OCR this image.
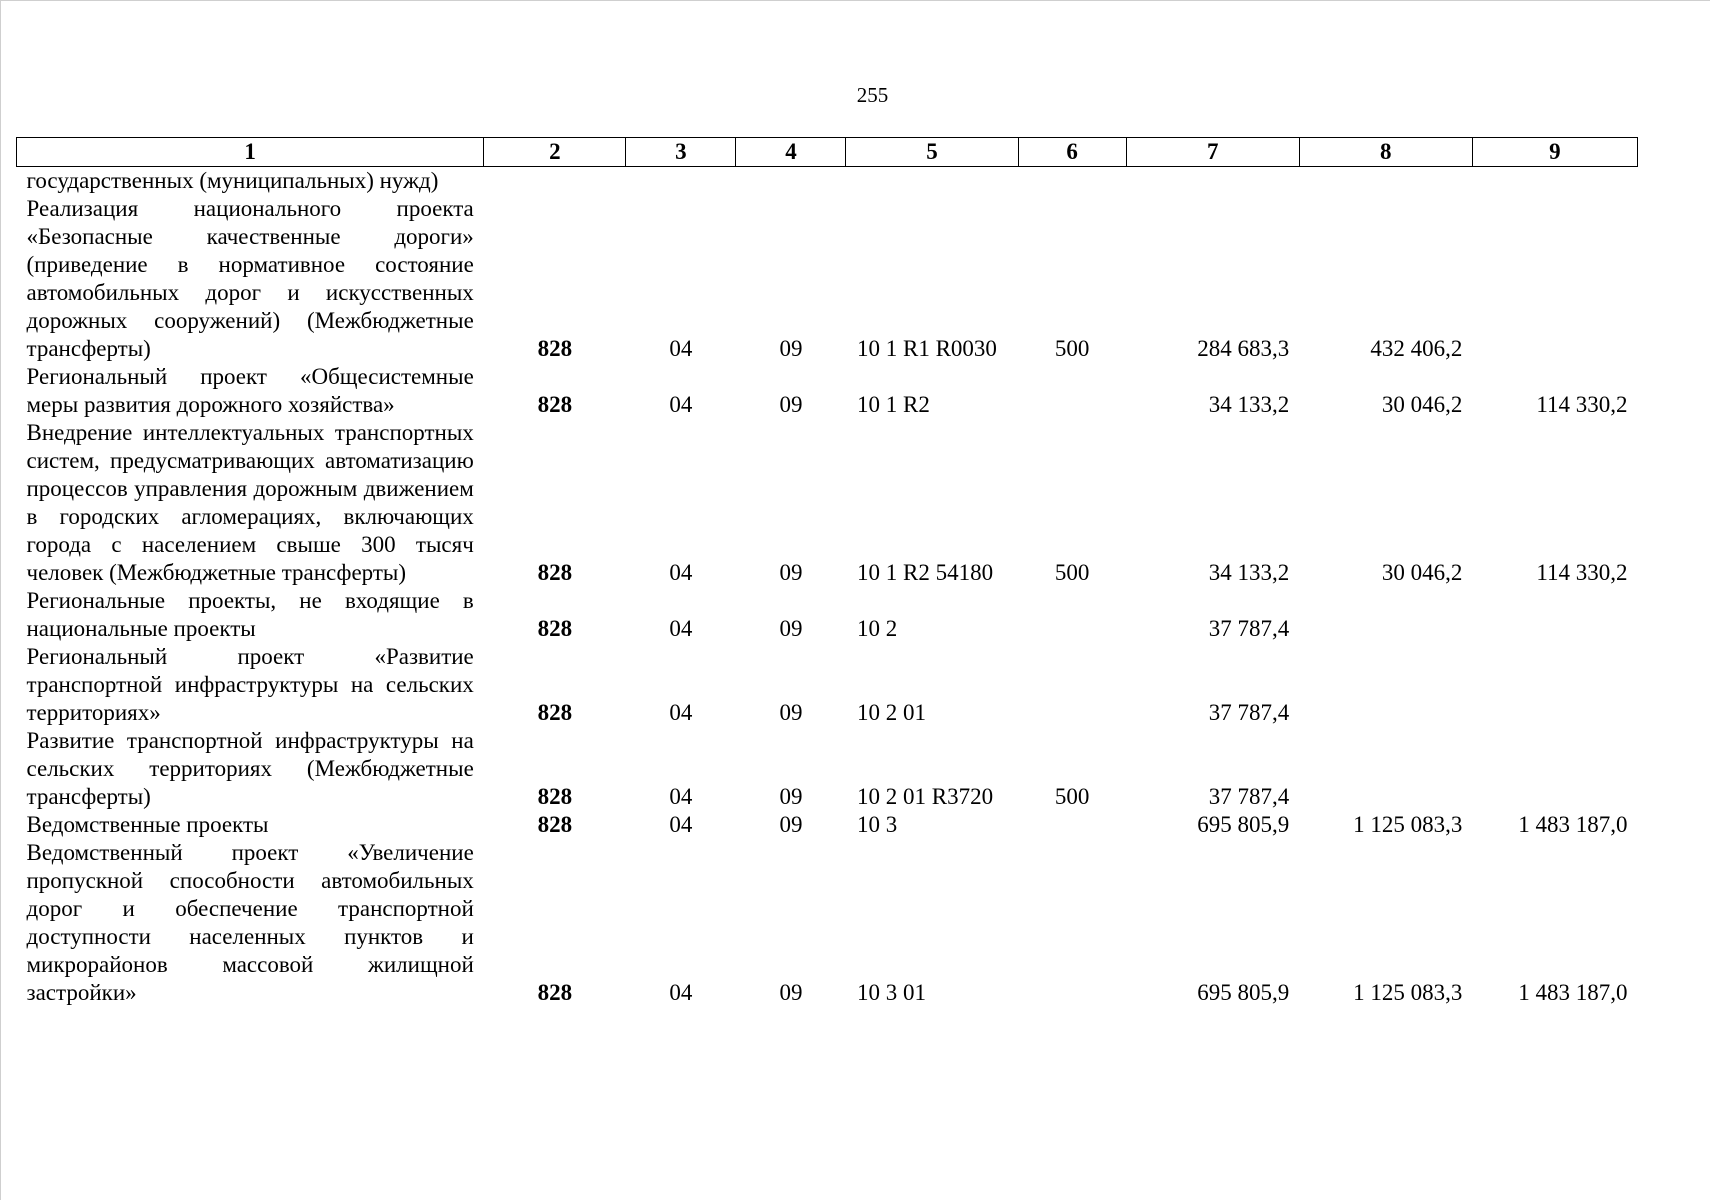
255
1	2	3	4	5	6	7	8	9
государственных (муниципальных) нужд)								
Реализация национального проекта «Безопасные качественные дороги» (приведение в нормативное состояние автомобильных дорог и искусственных дорожных сооружений) (Межбюджетные трансферты)	828	04	09	10 1 R1 R0030	500	284 683,3	432 406,2	
Региональный проект «Общесистемные меры развития дорожного хозяйства»	828	04	09	10 1 R2		34 133,2	30 046,2	114 330,2
Внедрение интеллектуальных транспортных систем, предусматривающих автоматизацию процессов управления дорожным движением в городских агломерациях, включающих города с населением свыше 300 тысяч человек (Межбюджетные трансферты)	828	04	09	10 1 R2 54180	500	34 133,2	30 046,2	114 330,2
Региональные проекты, не входящие в национальные проекты	828	04	09	10 2		37 787,4		
Региональный проект «Развитие транспортной инфраструктуры на сельских территориях»	828	04	09	10 2 01		37 787,4		
Развитие транспортной инфраструктуры на сельских территориях (Межбюджетные трансферты)	828	04	09	10 2 01 R3720	500	37 787,4		
Ведомственные проекты	828	04	09	10 3		695 805,9	1 125 083,3	1 483 187,0
Ведомственный проект «Увеличение пропускной способности автомобильных дорог и обеспечение транспортной доступности населенных пунктов и микрорайонов массовой жилищной застройки»	828	04	09	10 3 01		695 805,9	1 125 083,3	1 483 187,0
